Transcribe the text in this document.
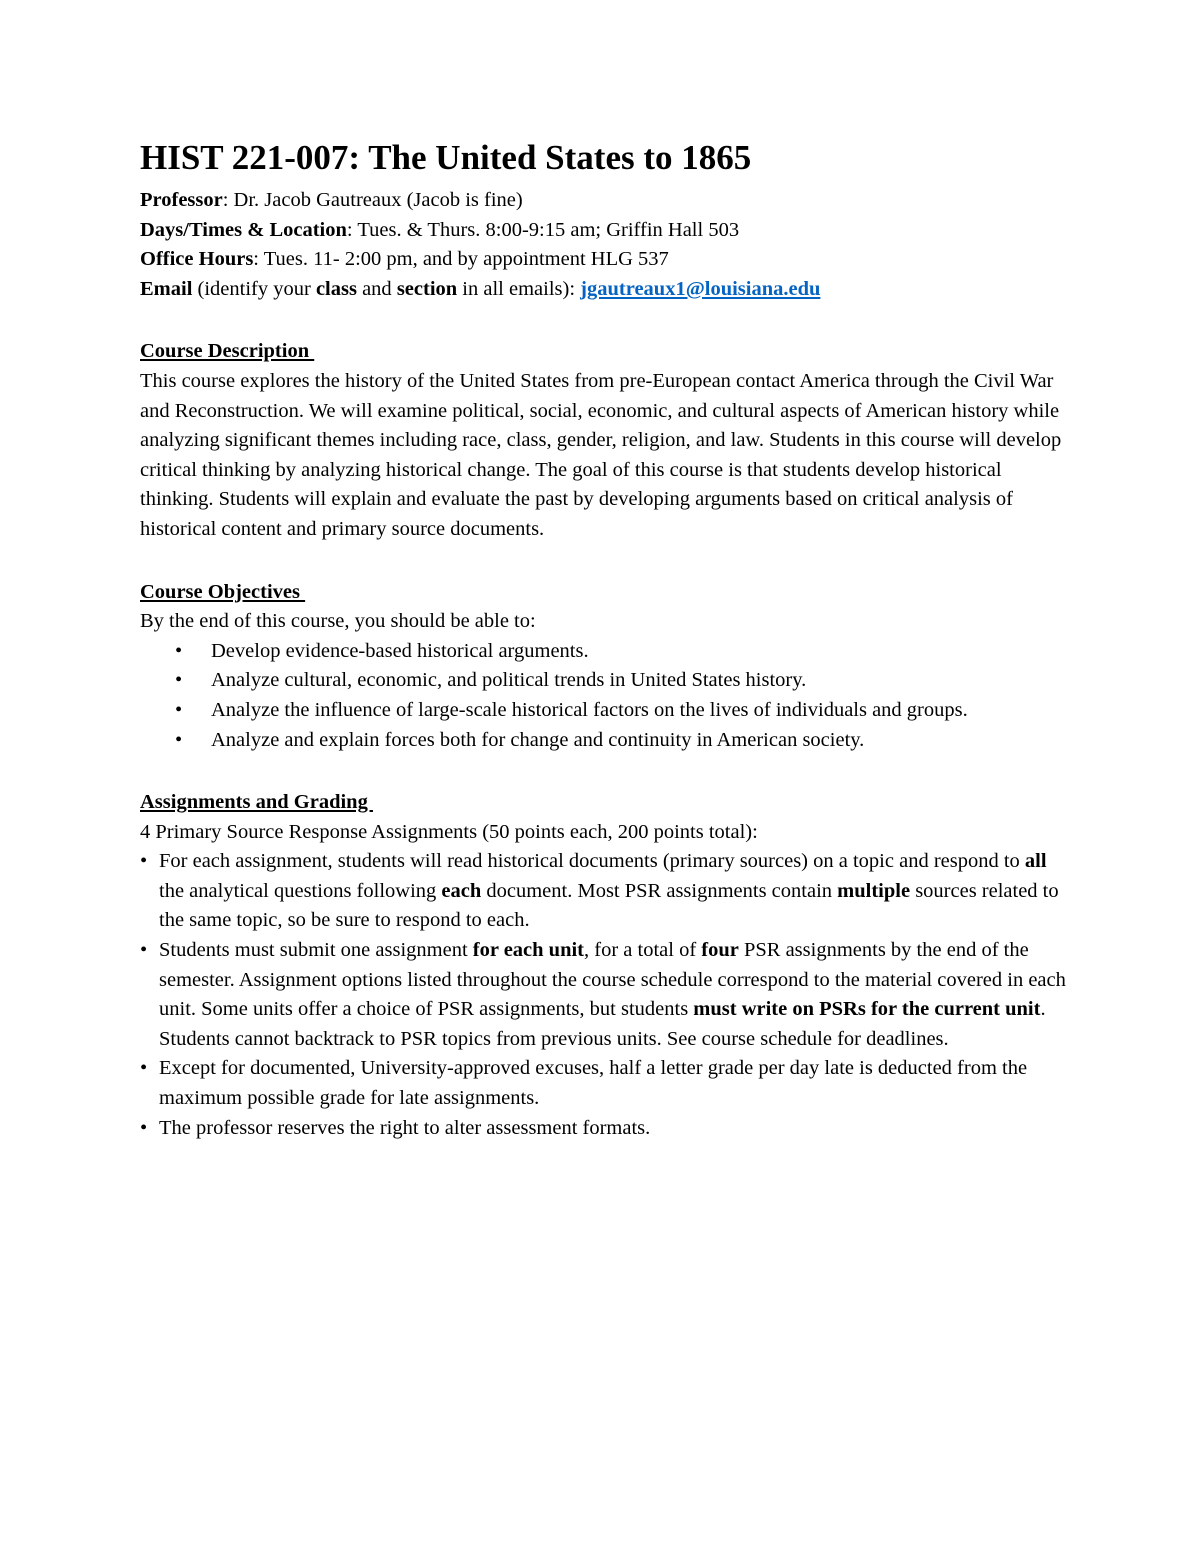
HIST 221-007: The United States to 1865

Professor: Dr. Jacob Gautreaux (Jacob is fine)

Days/Times & Location: Tues. & Thurs. 8:00-9:15 am; Griffin Hall 503

Office Hours: Tues. 11- 2:00 pm, and by appointment HLG 537

Email (identify your class and section in all emails): jgautreaux1@louisiana.edu

Course Description

This course explores the history of the United States from pre-European contact America through the Civil War and Reconstruction. We will examine political, social, economic, and cultural aspects of American history while analyzing significant themes including race, class, gender, religion, and law. Students in this course will develop critical thinking by analyzing historical change. The goal of this course is that students develop historical thinking. Students will explain and evaluate the past by developing arguments based on critical analysis of historical content and primary source documents.

Course Objectives

By the end of this course, you should be able to:

• Develop evidence-based historical arguments.
• Analyze cultural, economic, and political trends in United States history.
• Analyze the influence of large-scale historical factors on the lives of individuals and groups.
• Analyze and explain forces both for change and continuity in American society.

Assignments and Grading

4 Primary Source Response Assignments (50 points each, 200 points total):

• For each assignment, students will read historical documents (primary sources) on a topic and respond to all the analytical questions following each document. Most PSR assignments contain multiple sources related to the same topic, so be sure to respond to each.
• Students must submit one assignment for each unit, for a total of four PSR assignments by the end of the semester. Assignment options listed throughout the course schedule correspond to the material covered in each unit. Some units offer a choice of PSR assignments, but students must write on PSRs for the current unit. Students cannot backtrack to PSR topics from previous units. See course schedule for deadlines.
• Except for documented, University-approved excuses, half a letter grade per day late is deducted from the maximum possible grade for late assignments.
• The professor reserves the right to alter assessment formats.
